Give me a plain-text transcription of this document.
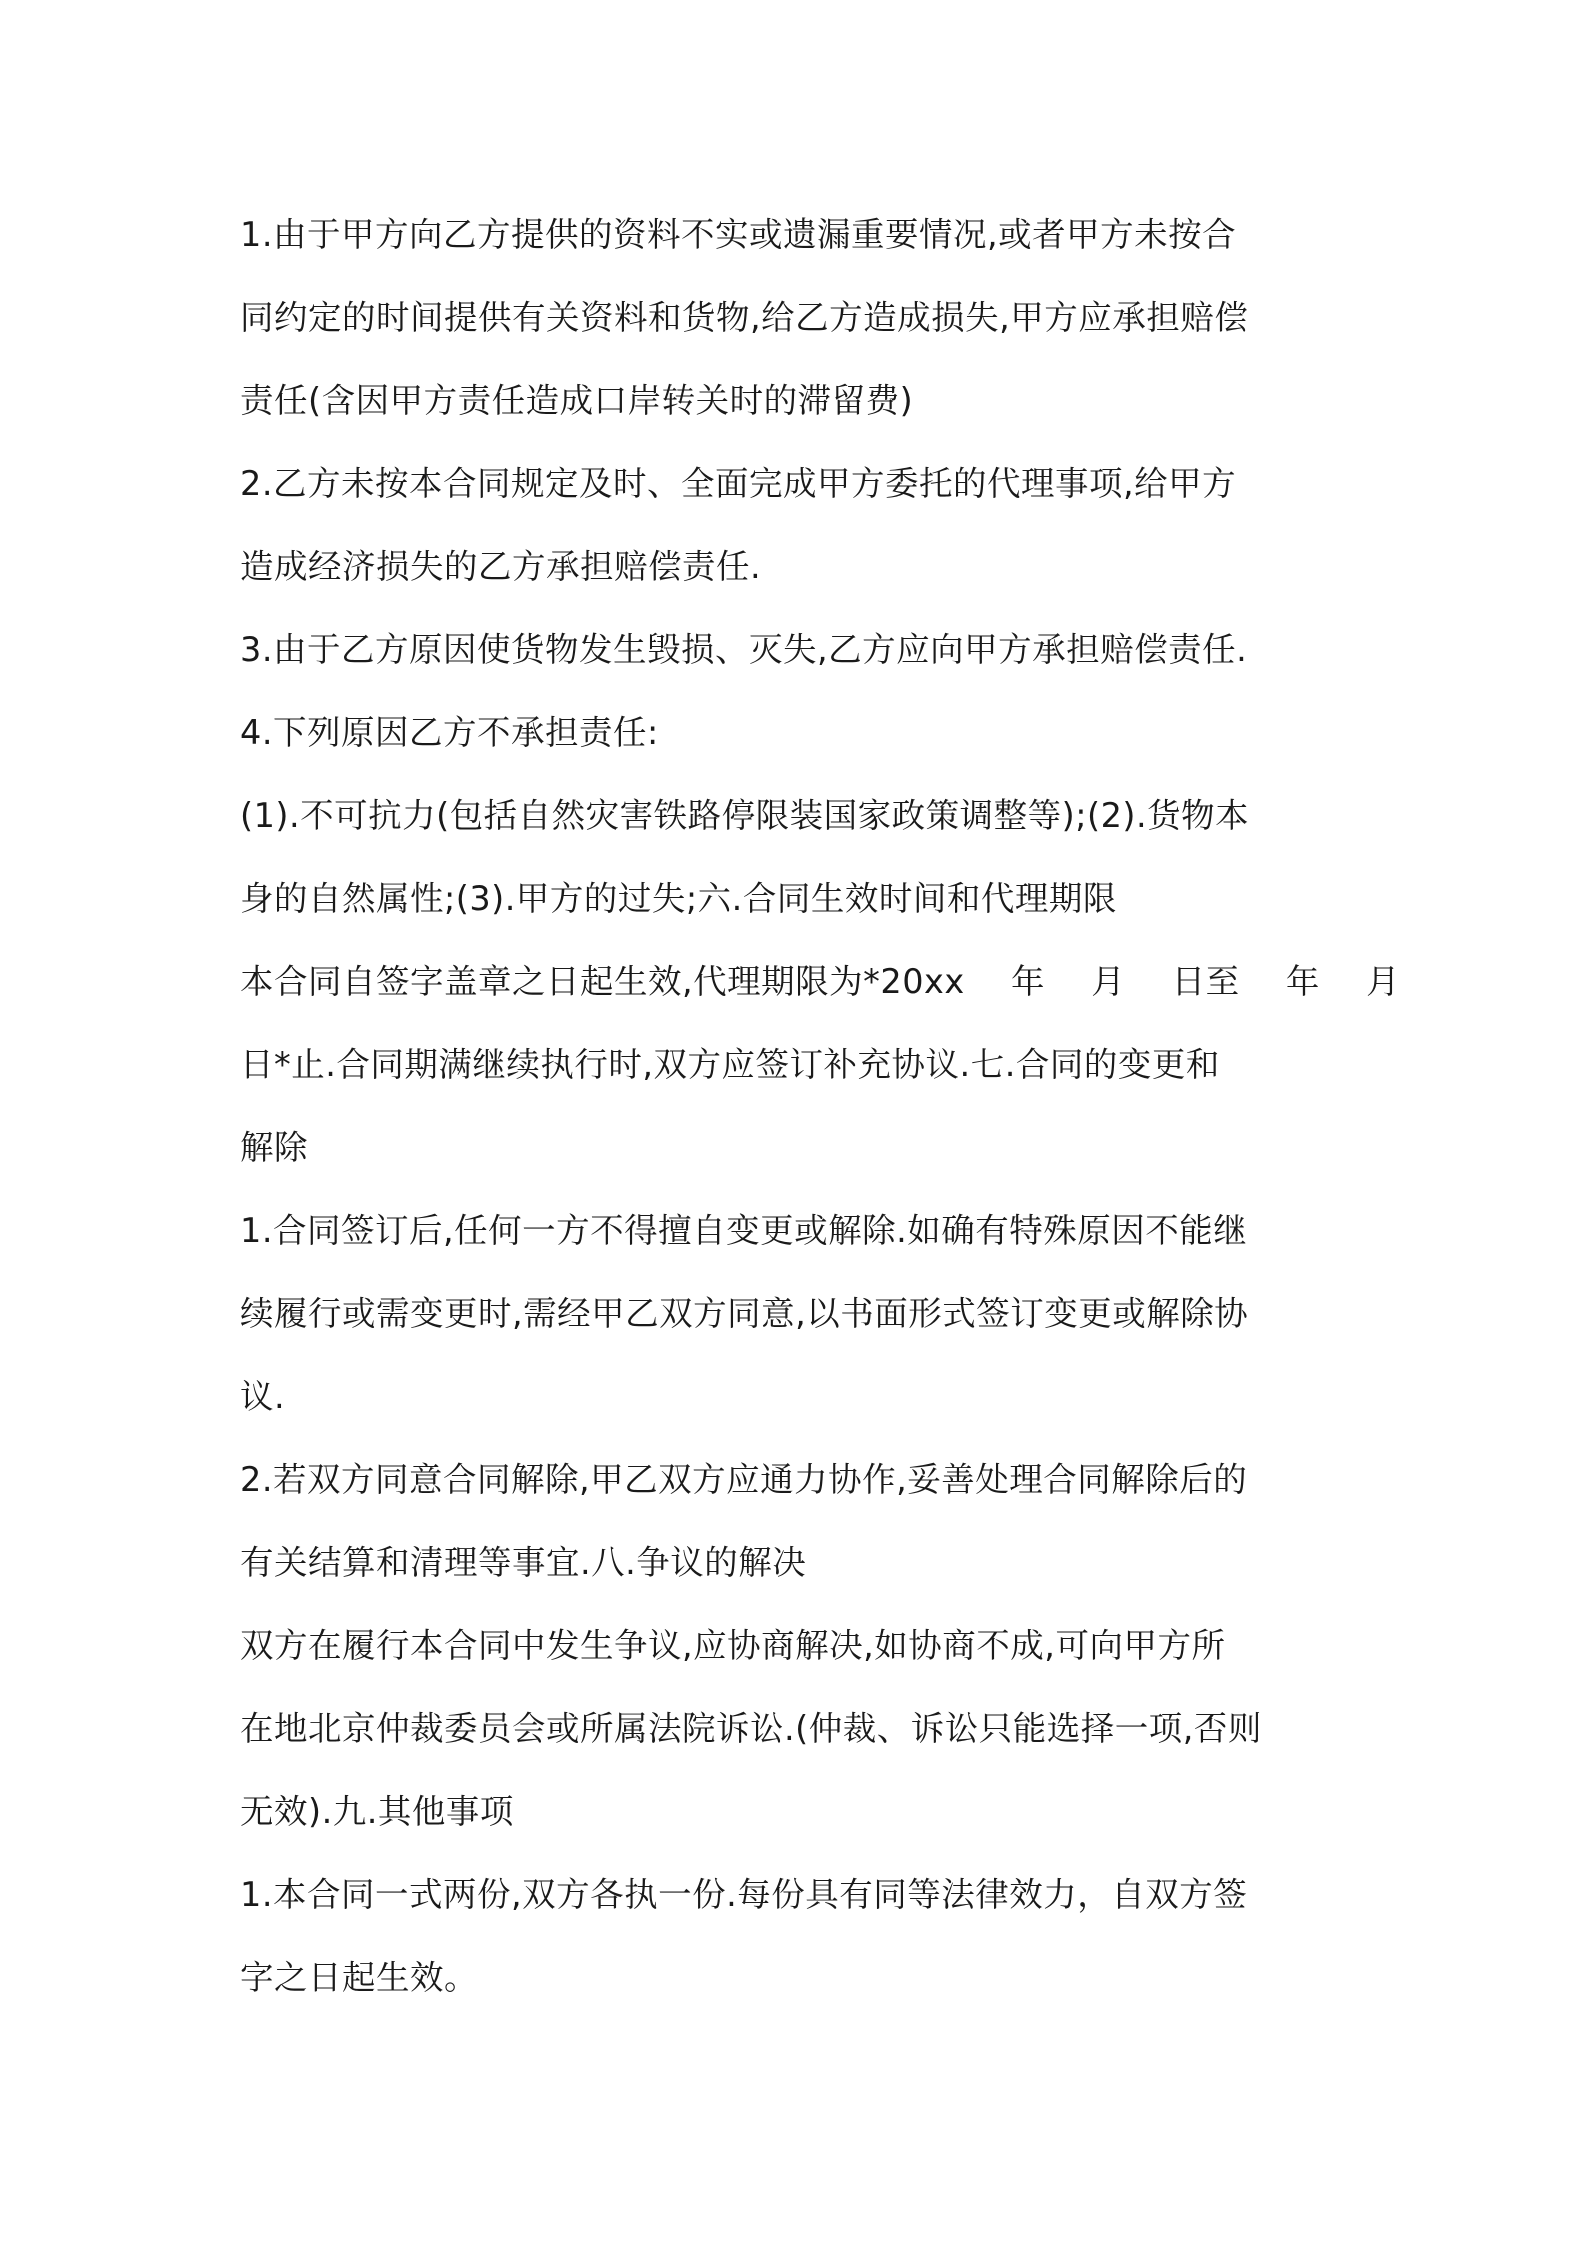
1.由于甲方向乙方提供的资料不实或遗漏重要情况,或者甲方未按合
同约定的时间提供有关资料和货物,给乙方造成损失,甲方应承担赔偿
责任(含因甲方责任造成口岸转关时的滞留费)
2.乙方未按本合同规定及时、全面完成甲方委托的代理事项,给甲方
造成经济损失的乙方承担赔偿责任.
3.由于乙方原因使货物发生毁损、灭失,乙方应向甲方承担赔偿责任.
4.下列原因乙方不承担责任:
(1).不可抗力(包括自然灾害铁路停限装国家政策调整等);(2).货物本
身的自然属性;(3).甲方的过失;六.合同生效时间和代理期限
本合同自签字盖章之日起生效,代理期限为*20xx  年  月  日至  年  月
日*止.合同期满继续执行时,双方应签订补充协议.七.合同的变更和
解除
1.合同签订后,任何一方不得擅自变更或解除.如确有特殊原因不能继
续履行或需变更时,需经甲乙双方同意,以书面形式签订变更或解除协
议.
2.若双方同意合同解除,甲乙双方应通力协作,妥善处理合同解除后的
有关结算和清理等事宜.八.争议的解决
双方在履行本合同中发生争议,应协商解决,如协商不成,可向甲方所
在地北京仲裁委员会或所属法院诉讼.(仲裁、诉讼只能选择一项,否则
无效).九.其他事项
1.本合同一式两份,双方各执一份.每份具有同等法律效力，自双方签
字之日起生效。
